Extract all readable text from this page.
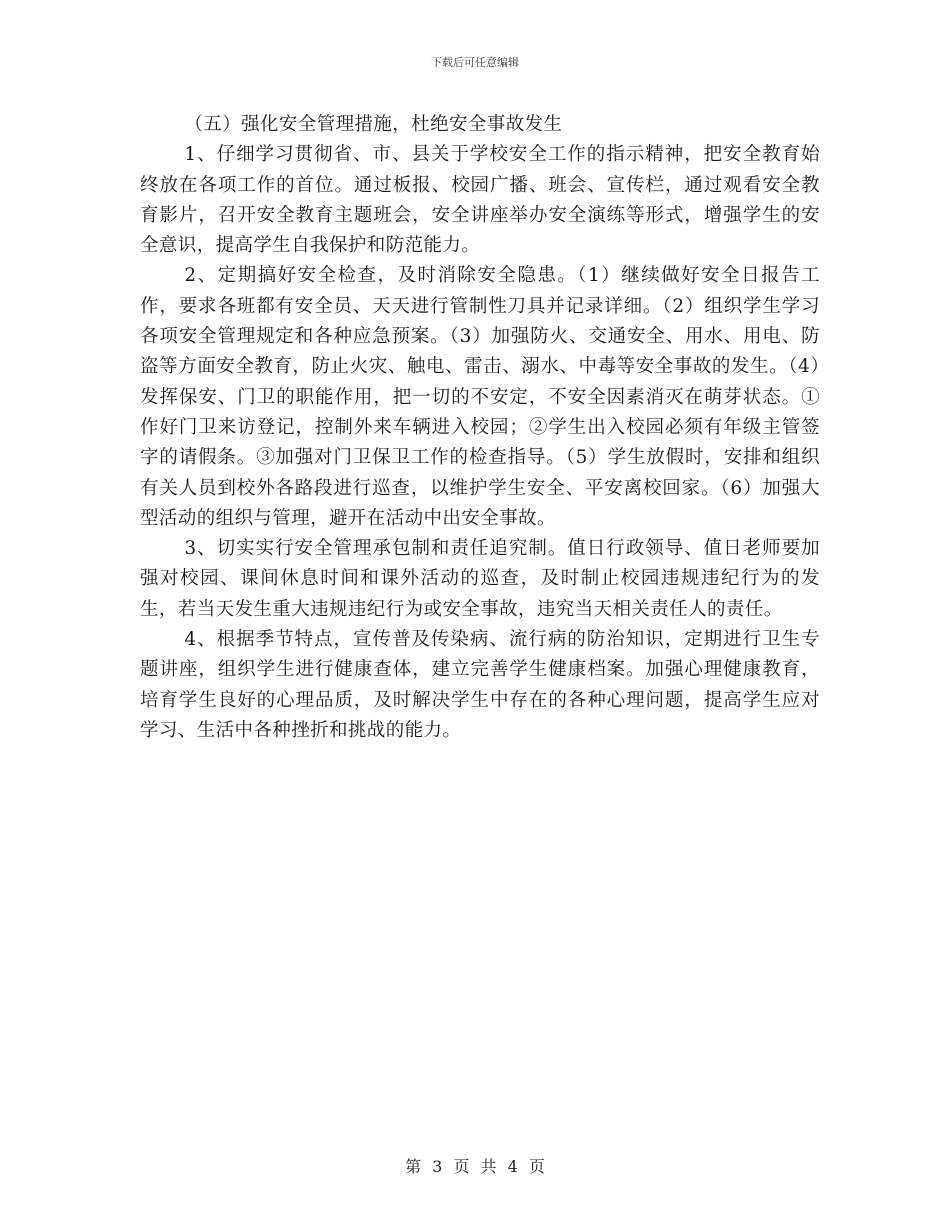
下载后可任意编辑

（五）强化安全管理措施，杜绝安全事故发生

1、仔细学习贯彻省、市、县关于学校安全工作的指示精神，把安全教育始终放在各项工作的首位。通过板报、校园广播、班会、宣传栏，通过观看安全教育影片，召开安全教育主题班会，安全讲座举办安全演练等形式，增强学生的安全意识，提高学生自我保护和防范能力。

2、定期搞好安全检查，及时消除安全隐患。（1）继续做好安全日报告工作，要求各班都有安全员、天天进行管制性刀具并记录详细。（2）组织学生学习各项安全管理规定和各种应急预案。（3）加强防火、交通安全、用水、用电、防盗等方面安全教育，防止火灾、触电、雷击、溺水、中毒等安全事故的发生。（4）发挥保安、门卫的职能作用，把一切的不安定，不安全因素消灭在萌芽状态。①作好门卫来访登记，控制外来车辆进入校园；②学生出入校园必须有年级主管签字的请假条。③加强对门卫保卫工作的检查指导。（5）学生放假时，安排和组织有关人员到校外各路段进行巡查，以维护学生安全、平安离校回家。（6）加强大型活动的组织与管理，避开在活动中出安全事故。

3、切实实行安全管理承包制和责任追究制。值日行政领导、值日老师要加强对校园、课间休息时间和课外活动的巡查，及时制止校园违规违纪行为的发生，若当天发生重大违规违纪行为或安全事故，违究当天相关责任人的责任。

4、根据季节特点，宣传普及传染病、流行病的防治知识，定期进行卫生专题讲座，组织学生进行健康查体，建立完善学生健康档案。加强心理健康教育，培育学生良好的心理品质，及时解决学生中存在的各种心理问题，提高学生应对学习、生活中各种挫折和挑战的能力。

第 3 页 共 4 页
